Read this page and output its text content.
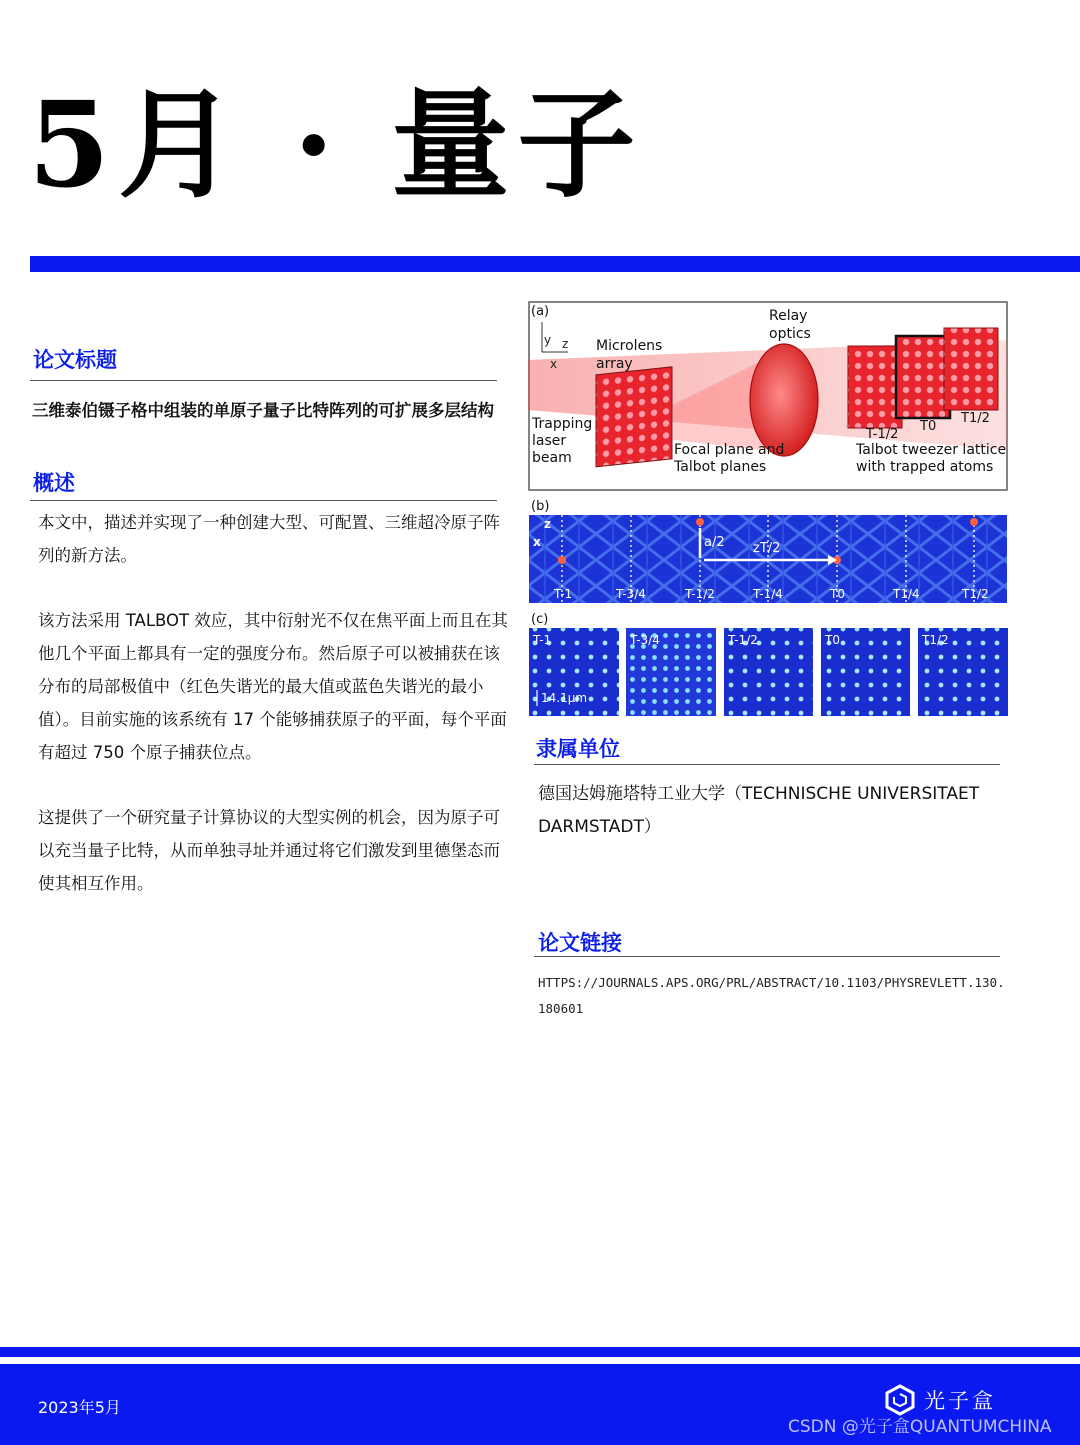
5月 · 量子
论文标题

三维泰伯镊子格中组装的单原子量子比特阵列的可扩展多层结构

概述

本文中，描述并实现了一种创建大型、可配置、三维超冷原子阵列的新方法。

该方法采用 TALBOT 效应，其中衍射光不仅在焦平面上而且在其他几个平面上都具有一定的强度分布。然后原子可以被捕获在该分布的局部极值中（红色失谐光的最大值或蓝色失谐光的最小值）。目前实施的该系统有 17 个能够捕获原子的平面，每个平面有超过 750 个原子捕获位点。

这提供了一个研究量子计算协议的大型实例的机会，因为原子可以充当量子比特，从而单独寻址并通过将它们激发到里德堡态而使其相互作用。

(a)
y z
x
Microlens
array
Relay
optics
Trapping
laser
beam	Focal plane and
Talbot planes
T-1/2
T0
T1/2
Talbot tweezer lattice
with trapped atoms
(b)
a/2 zT/2
x
z
T-1	T-3/4	T-1/2	T-1/4	T0	T1/4	T1/2
(c)
T-1	T-3/4	T-1/2	T0	T1/2
14.1μm
隶属单位

德国达姆施塔特工业大学（TECHNISCHE UNIVERSITAET DARMSTADT）

论文链接

HTTPS://JOURNALS.APS.ORG/PRL/ABSTRACT/10.1103/PHYSREVLETT.130.180601

2023年5月	光子盒
CSDN @光子盒QUANTUMCHINA
